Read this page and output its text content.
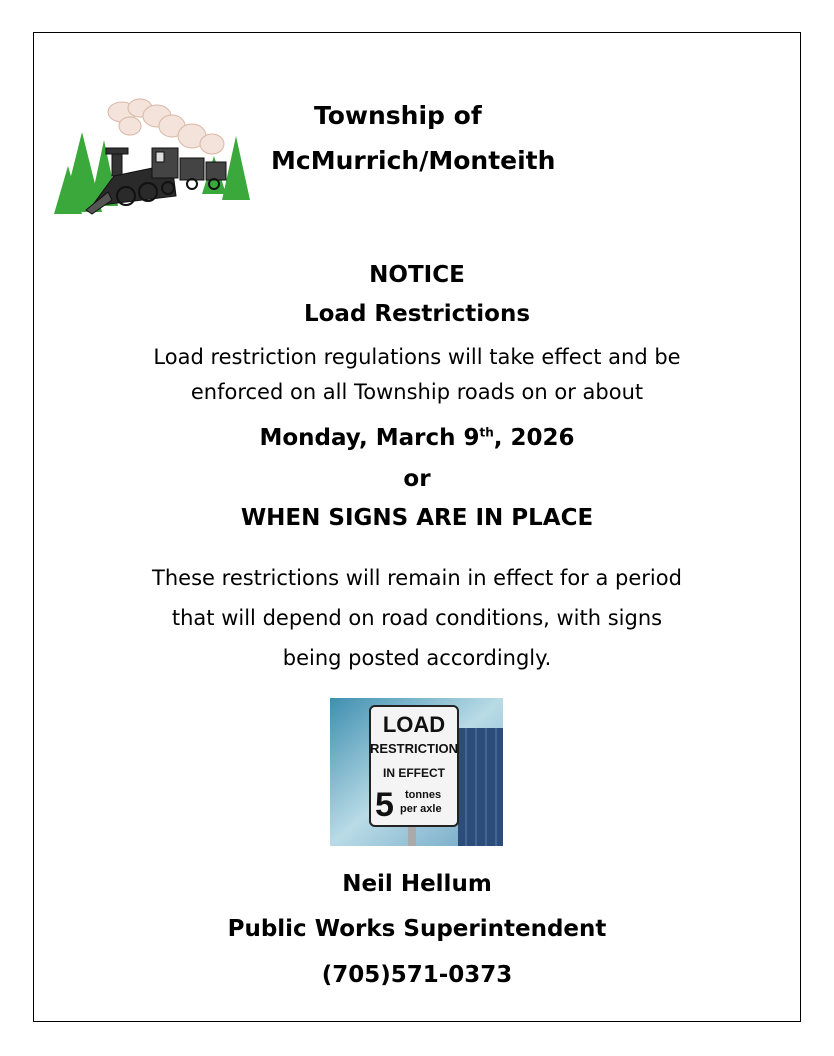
Township of
McMurrich/Monteith
NOTICE
Load Restrictions
Load restriction regulations will take effect and be
enforced on all Township roads on or about
Monday, March 9th, 2026
or
WHEN SIGNS ARE IN PLACE
These restrictions will remain in effect for a period
that will depend on road conditions, with signs
being posted accordingly.
LOAD
RESTRICTION
IN EFFECT
5 tonnes
per axle
Neil Hellum
Public Works Superintendent
(705)571-0373
